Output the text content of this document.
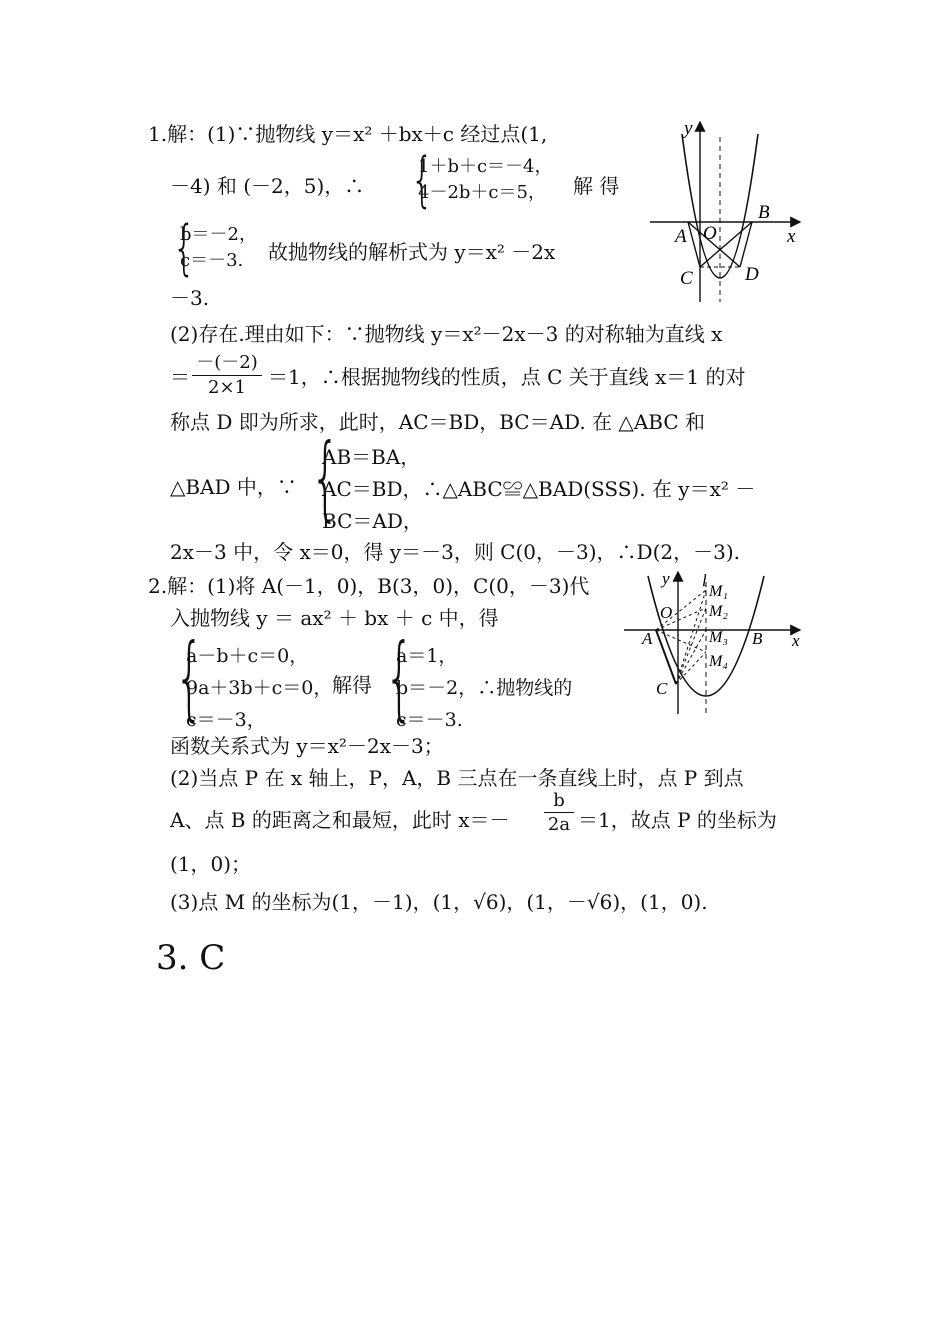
1.解：(1)∵抛物线 y＝x² ＋bx＋c 经过点(1,
－4) 和 (－2，5)，∴ {
1＋b＋c＝－4，
4－2b＋c＝5，	解 得
{
b＝－2，
c＝－3.	故抛物线的解析式为 y＝x² －2x
－3.
(2)存在.理由如下：∵抛物线 y＝x²－2x－3 的对称轴为直线 x
＝
－(－2)
2×1	＝1，∴根据抛物线的性质，点 C 关于直线 x＝1 的对
称点 D 即为所求，此时，AC＝BD，BC＝AD. 在 △ABC 和
△BAD 中，∵ {
AB＝BA，
AC＝BD，∴△ABC≌△BAD(SSS). 在 y＝x² －
BC＝AD，
2x－3 中，令 x＝0，得 y＝－3，则 C(0，－3)，∴D(2，－3).
y
x
A O
B
C	D
2.解：(1)将 A(－1，0)，B(3，0)，C(0，－3)代
入抛物线 y ＝ ax² ＋ bx ＋ c 中，得
{
a－b＋c＝0，
9a＋3b＋c＝0，
c＝－3，
解得 {
a＝1，
b＝－2，∴抛物线的
c＝－3.
函数关系式为 y＝x²－2x－3；
(2)当点 P 在 x 轴上，P，A，B 三点在一条直线上时，点 P 到点
A、点 B 的距离之和最短，此时 x＝－
b
2a ＝1，故点 P 的坐标为
(1，0)；
(3)点 M 的坐标为(1，－1)，(1，√6)，(1，－√6)，(1，0).
y l
x
O
A	B
C
M₁
M₂
M₃
M₄
3. C
